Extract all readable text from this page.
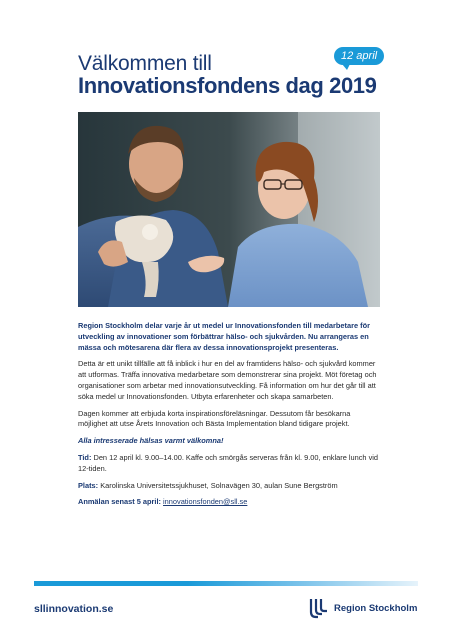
Välkommen till
Innovationsfondens dag 2019
12 april

Region Stockholm delar varje år ut medel ur Innovationsfonden till medarbetare för utveckling av innovationer som förbättrar hälso- och sjukvården. Nu arrangeras en mässa och mötesarena där flera av dessa innovationsprojekt presenteras.

Detta är ett unikt tillfälle att få inblick i hur en del av framtidens hälso- och sjukvård kommer att utformas. Träffa innovativa medarbetare som demonstrerar sina projekt. Möt företag och organisationer som arbetar med innovationsutveckling. Få information om hur det går till att söka medel ur Innovationsfonden. Utbyta erfarenheter och skapa samarbeten.

Dagen kommer att erbjuda korta inspirationsföreläsningar. Dessutom får besökarna möjlighet att utse Årets Innovation och Bästa Implementation bland tidigare projekt.

Alla intresserade hälsas varmt välkomna!

Tid: Den 12 april kl. 9.00–14.00. Kaffe och smörgås serveras från kl. 9.00, enklare lunch vid 12-tiden.

Plats: Karolinska Universitetssjukhuset, Solnavägen 30, aulan Sune Bergström

Anmälan senast 5 april: innovationsfonden@sll.se

sllinnovation.se	Region Stockholm
